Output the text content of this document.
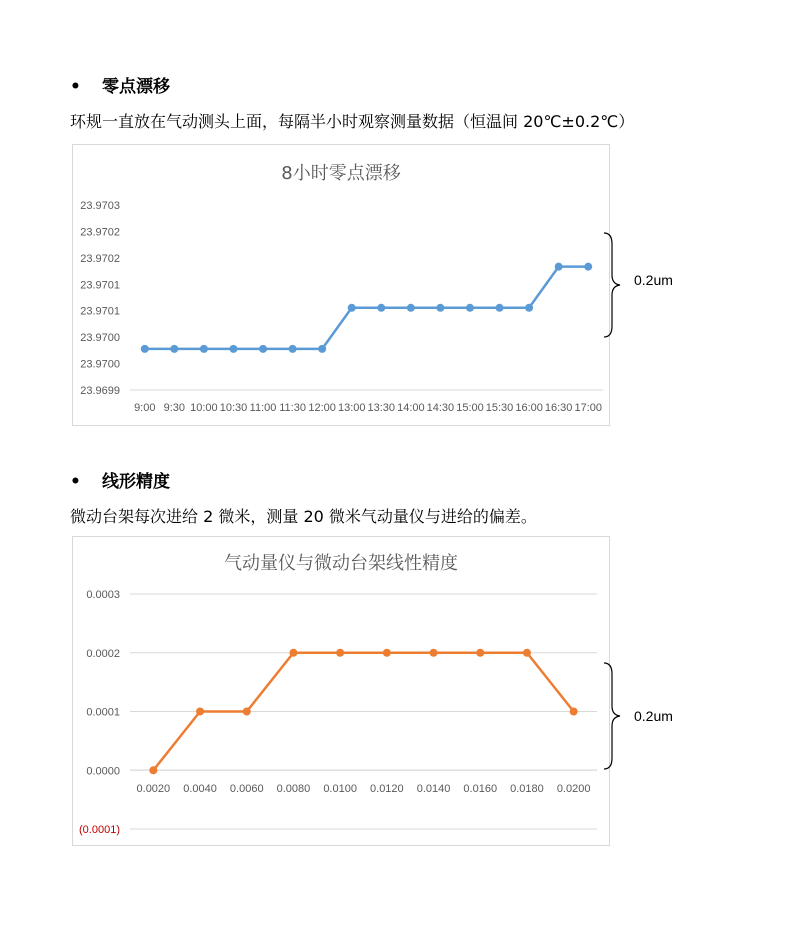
• 零点漂移
环规一直放在气动测头上面，每隔半小时观察测量数据（恒温间 20℃±0.2℃）
8小时零点漂移
23.9703
23.9702
23.9702
23.9701
23.9701
23.9700
23.9700
23.9699
9:00 9:30 10:00 10:30 11:00 11:30 12:00 13:00 13:30 14:00 14:30 15:00 15:30 16:00 16:30 17:00
0.2um
• 线形精度
微动台架每次进给 2 微米，测量 20 微米气动量仪与进给的偏差。
气动量仪与微动台架线性精度
0.0003
0.0002
0.0001
0.0000
(0.0001)
0.0020 0.0040 0.0060 0.0080 0.0100 0.0120 0.0140 0.0160 0.0180 0.0200
0.2um
